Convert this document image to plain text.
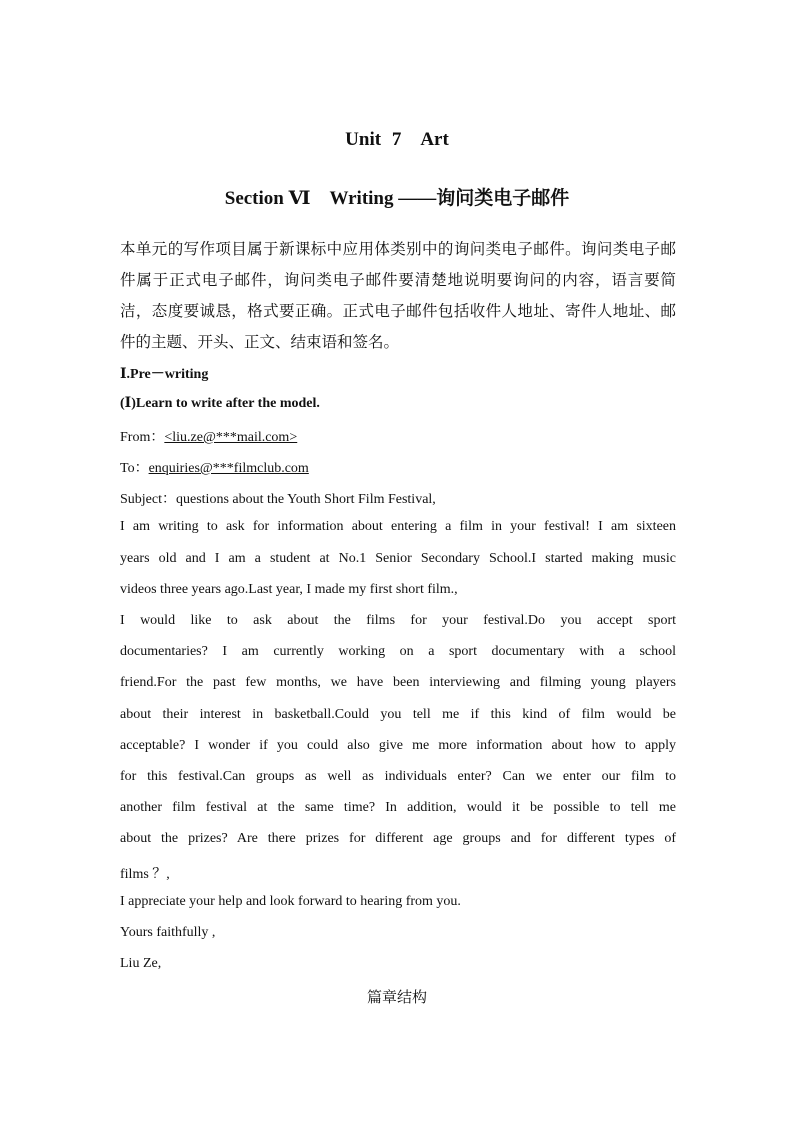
Unit 7　Art
Section Ⅵ　Writing ——询问类电子邮件
本单元的写作项目属于新课标中应用体类别中的询问类电子邮件。询问类电子邮件属于正式电子邮件，询问类电子邮件要清楚地说明要询问的内容，语言要简洁，态度要诚恳，格式要正确。正式电子邮件包括收件人地址、寄件人地址、邮件的主题、开头、正文、结束语和签名。
Ⅰ.Pre－writing
(Ⅰ)Learn to write after the model.
From：<liu.ze@***mail.com>
To：enquiries@***filmclub.com
Subject：questions about the Youth Short Film Festival,
I am writing to ask for information about entering a film in your festival! I am sixteen
years old and I am a student at No.1 Senior Secondary School.I started making music
videos three years ago.Last year, I made my first short film.,
I would like to ask about the films for your festival.Do you accept sport
documentaries? I am currently working on a sport documentary with a school
friend.For the past few months, we have been interviewing and filming young players
about their interest in basketball.Could you tell me if this kind of film would be
acceptable? I wonder if you could also give me more information about how to apply
for this festival.Can groups as well as individuals enter? Can we enter our film to
another film festival at the same time? In addition, would it be possible to tell me
about the prizes? Are there prizes for different age groups and for different types of
films ？,
I appreciate your help and look forward to hearing from you.
Yours faithfully ,
Liu Ze,
篇章结构
